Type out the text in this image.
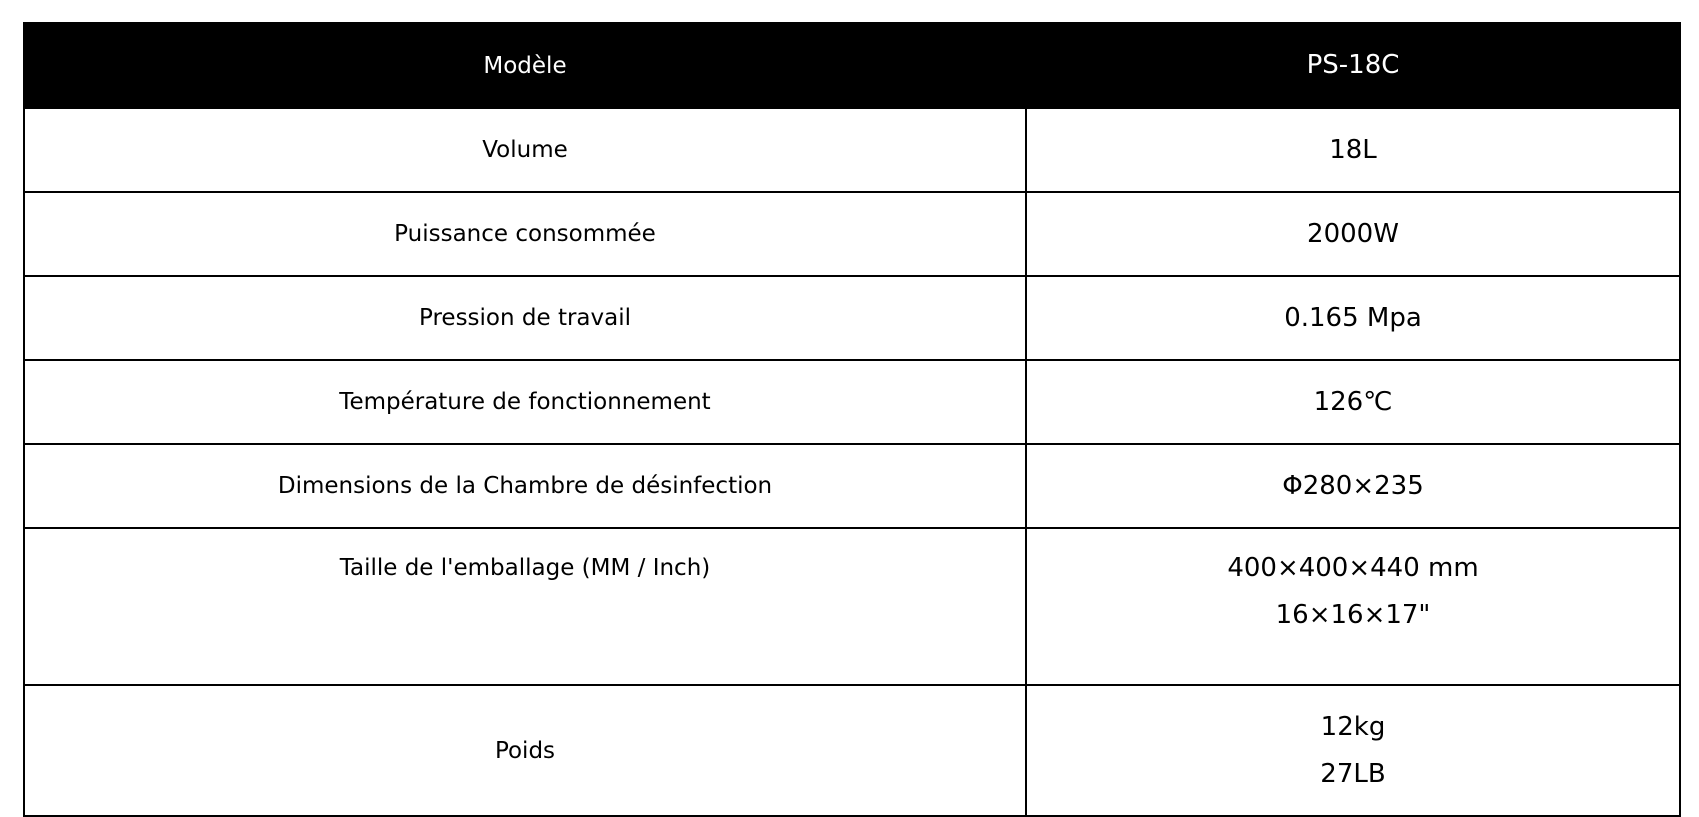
Modèle	PS-18C
Volume	18L

Puissance consommée	2000W

Pression de travail	0.165 Mpa

Température de fonctionnement	126℃

Dimensions de la Chambre de désinfection	Φ280×235

Taille de l'emballage (MM / Inch)	400×400×440 mm
16×16×17"

Poids	12kg
27LB
